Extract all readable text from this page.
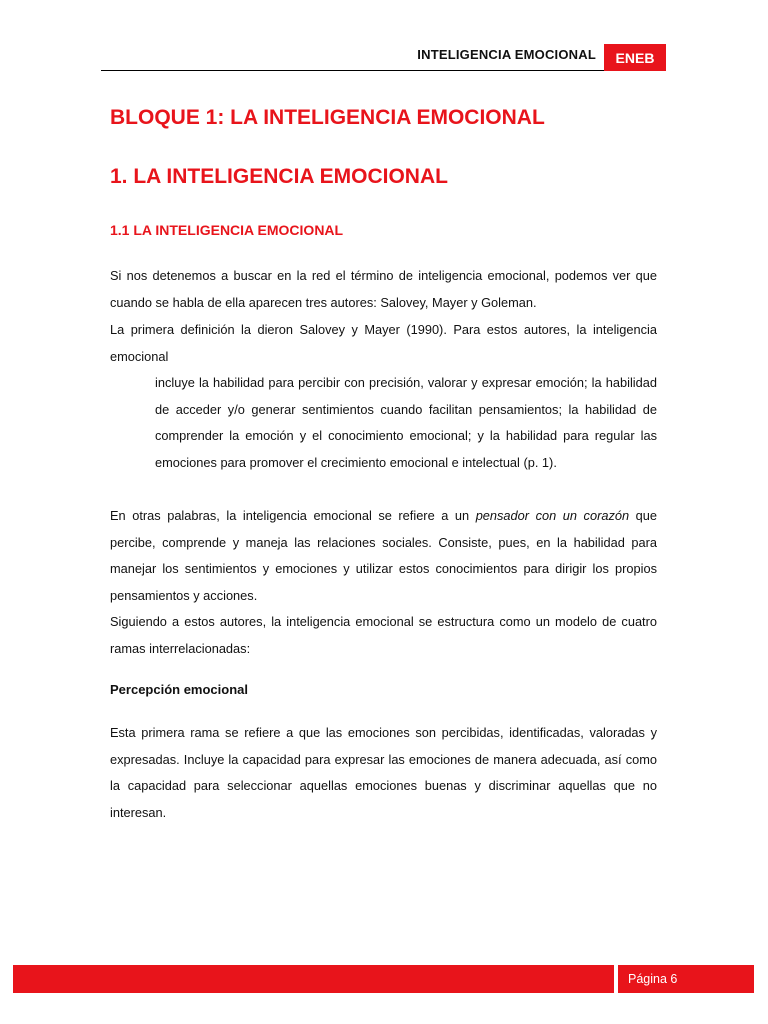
INTELIGENCIA EMOCIONAL	ENEB
BLOQUE 1: LA INTELIGENCIA EMOCIONAL
1. LA INTELIGENCIA EMOCIONAL
1.1 LA INTELIGENCIA EMOCIONAL

Si nos detenemos a buscar en la red el término de inteligencia emocional, podemos ver que cuando se habla de ella aparecen tres autores: Salovey, Mayer y Goleman.

La primera definición la dieron Salovey y Mayer (1990). Para estos autores, la inteligencia emocional

incluye la habilidad para percibir con precisión, valorar y expresar emoción; la habilidad de acceder y/o generar sentimientos cuando facilitan pensamientos; la habilidad de comprender la emoción y el conocimiento emocional; y la habilidad para regular las emociones para promover el crecimiento emocional e intelectual (p. 1).

En otras palabras, la inteligencia emocional se refiere a un pensador con un corazón que percibe, comprende y maneja las relaciones sociales. Consiste, pues, en la habilidad para manejar los sentimientos y emociones y utilizar estos conocimientos para dirigir los propios pensamientos y acciones.

Siguiendo a estos autores, la inteligencia emocional se estructura como un modelo de cuatro ramas interrelacionadas:

Percepción emocional

Esta primera rama se refiere a que las emociones son percibidas, identificadas, valoradas y expresadas. Incluye la capacidad para expresar las emociones de manera adecuada, así como la capacidad para seleccionar aquellas emociones buenas y discriminar aquellas que no interesan.

Página 6
